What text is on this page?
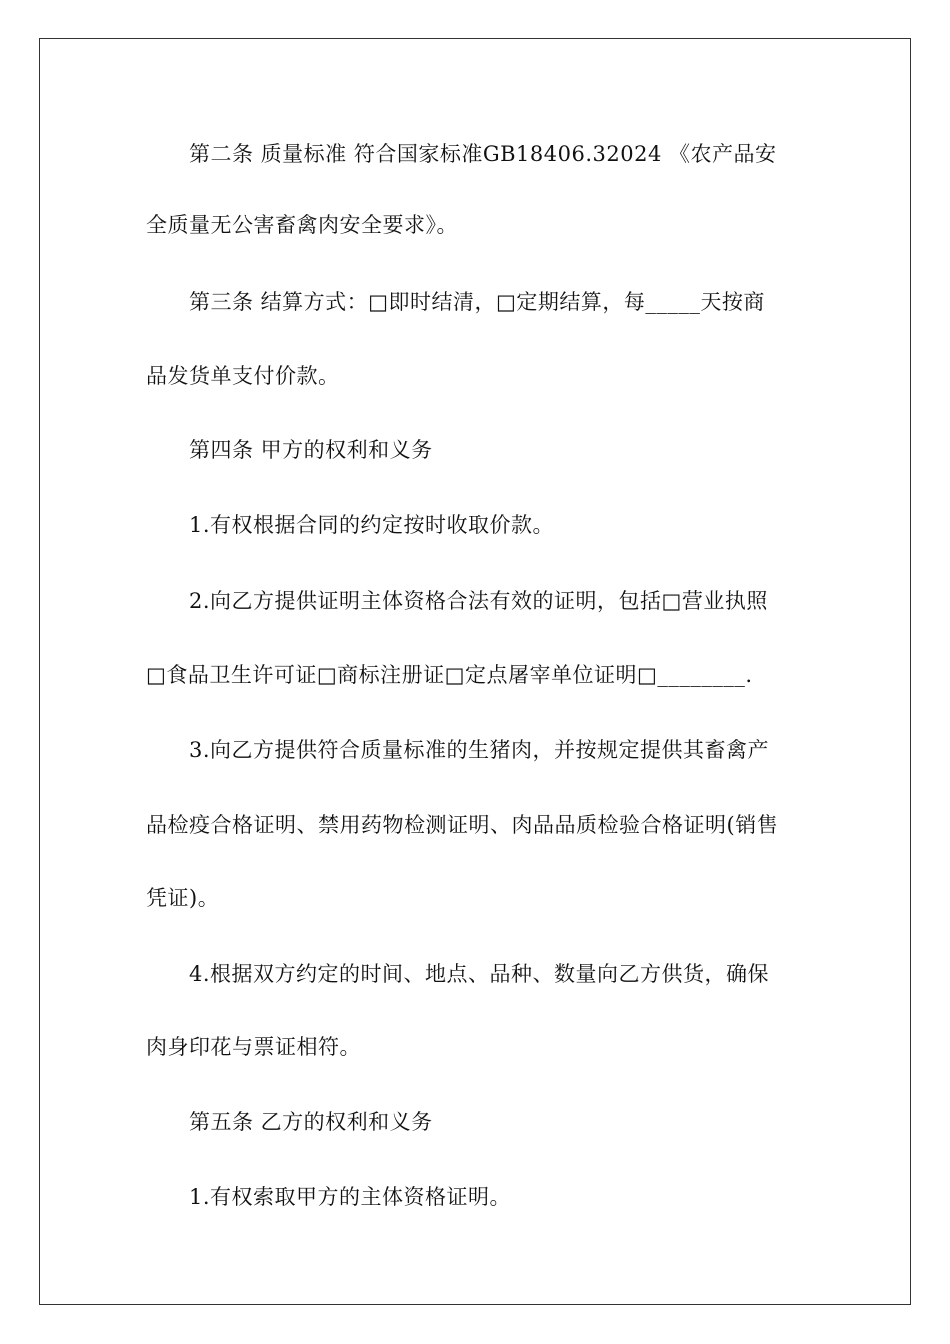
第二条 质量标准 符合国家标准GB18406.32024 《农产品安
全质量无公害畜禽肉安全要求》。
第三条 结算方式：□即时结清，□定期结算，每_____天按商
品发货单支付价款。
第四条 甲方的权利和义务
1.有权根据合同的约定按时收取价款。
2.向乙方提供证明主体资格合法有效的证明，包括□营业执照
□食品卫生许可证□商标注册证□定点屠宰单位证明□________.
3.向乙方提供符合质量标准的生猪肉，并按规定提供其畜禽产
品检疫合格证明、禁用药物检测证明、肉品品质检验合格证明(销售
凭证)。
4.根据双方约定的时间、地点、品种、数量向乙方供货，确保
肉身印花与票证相符。
第五条 乙方的权利和义务
1.有权索取甲方的主体资格证明。
